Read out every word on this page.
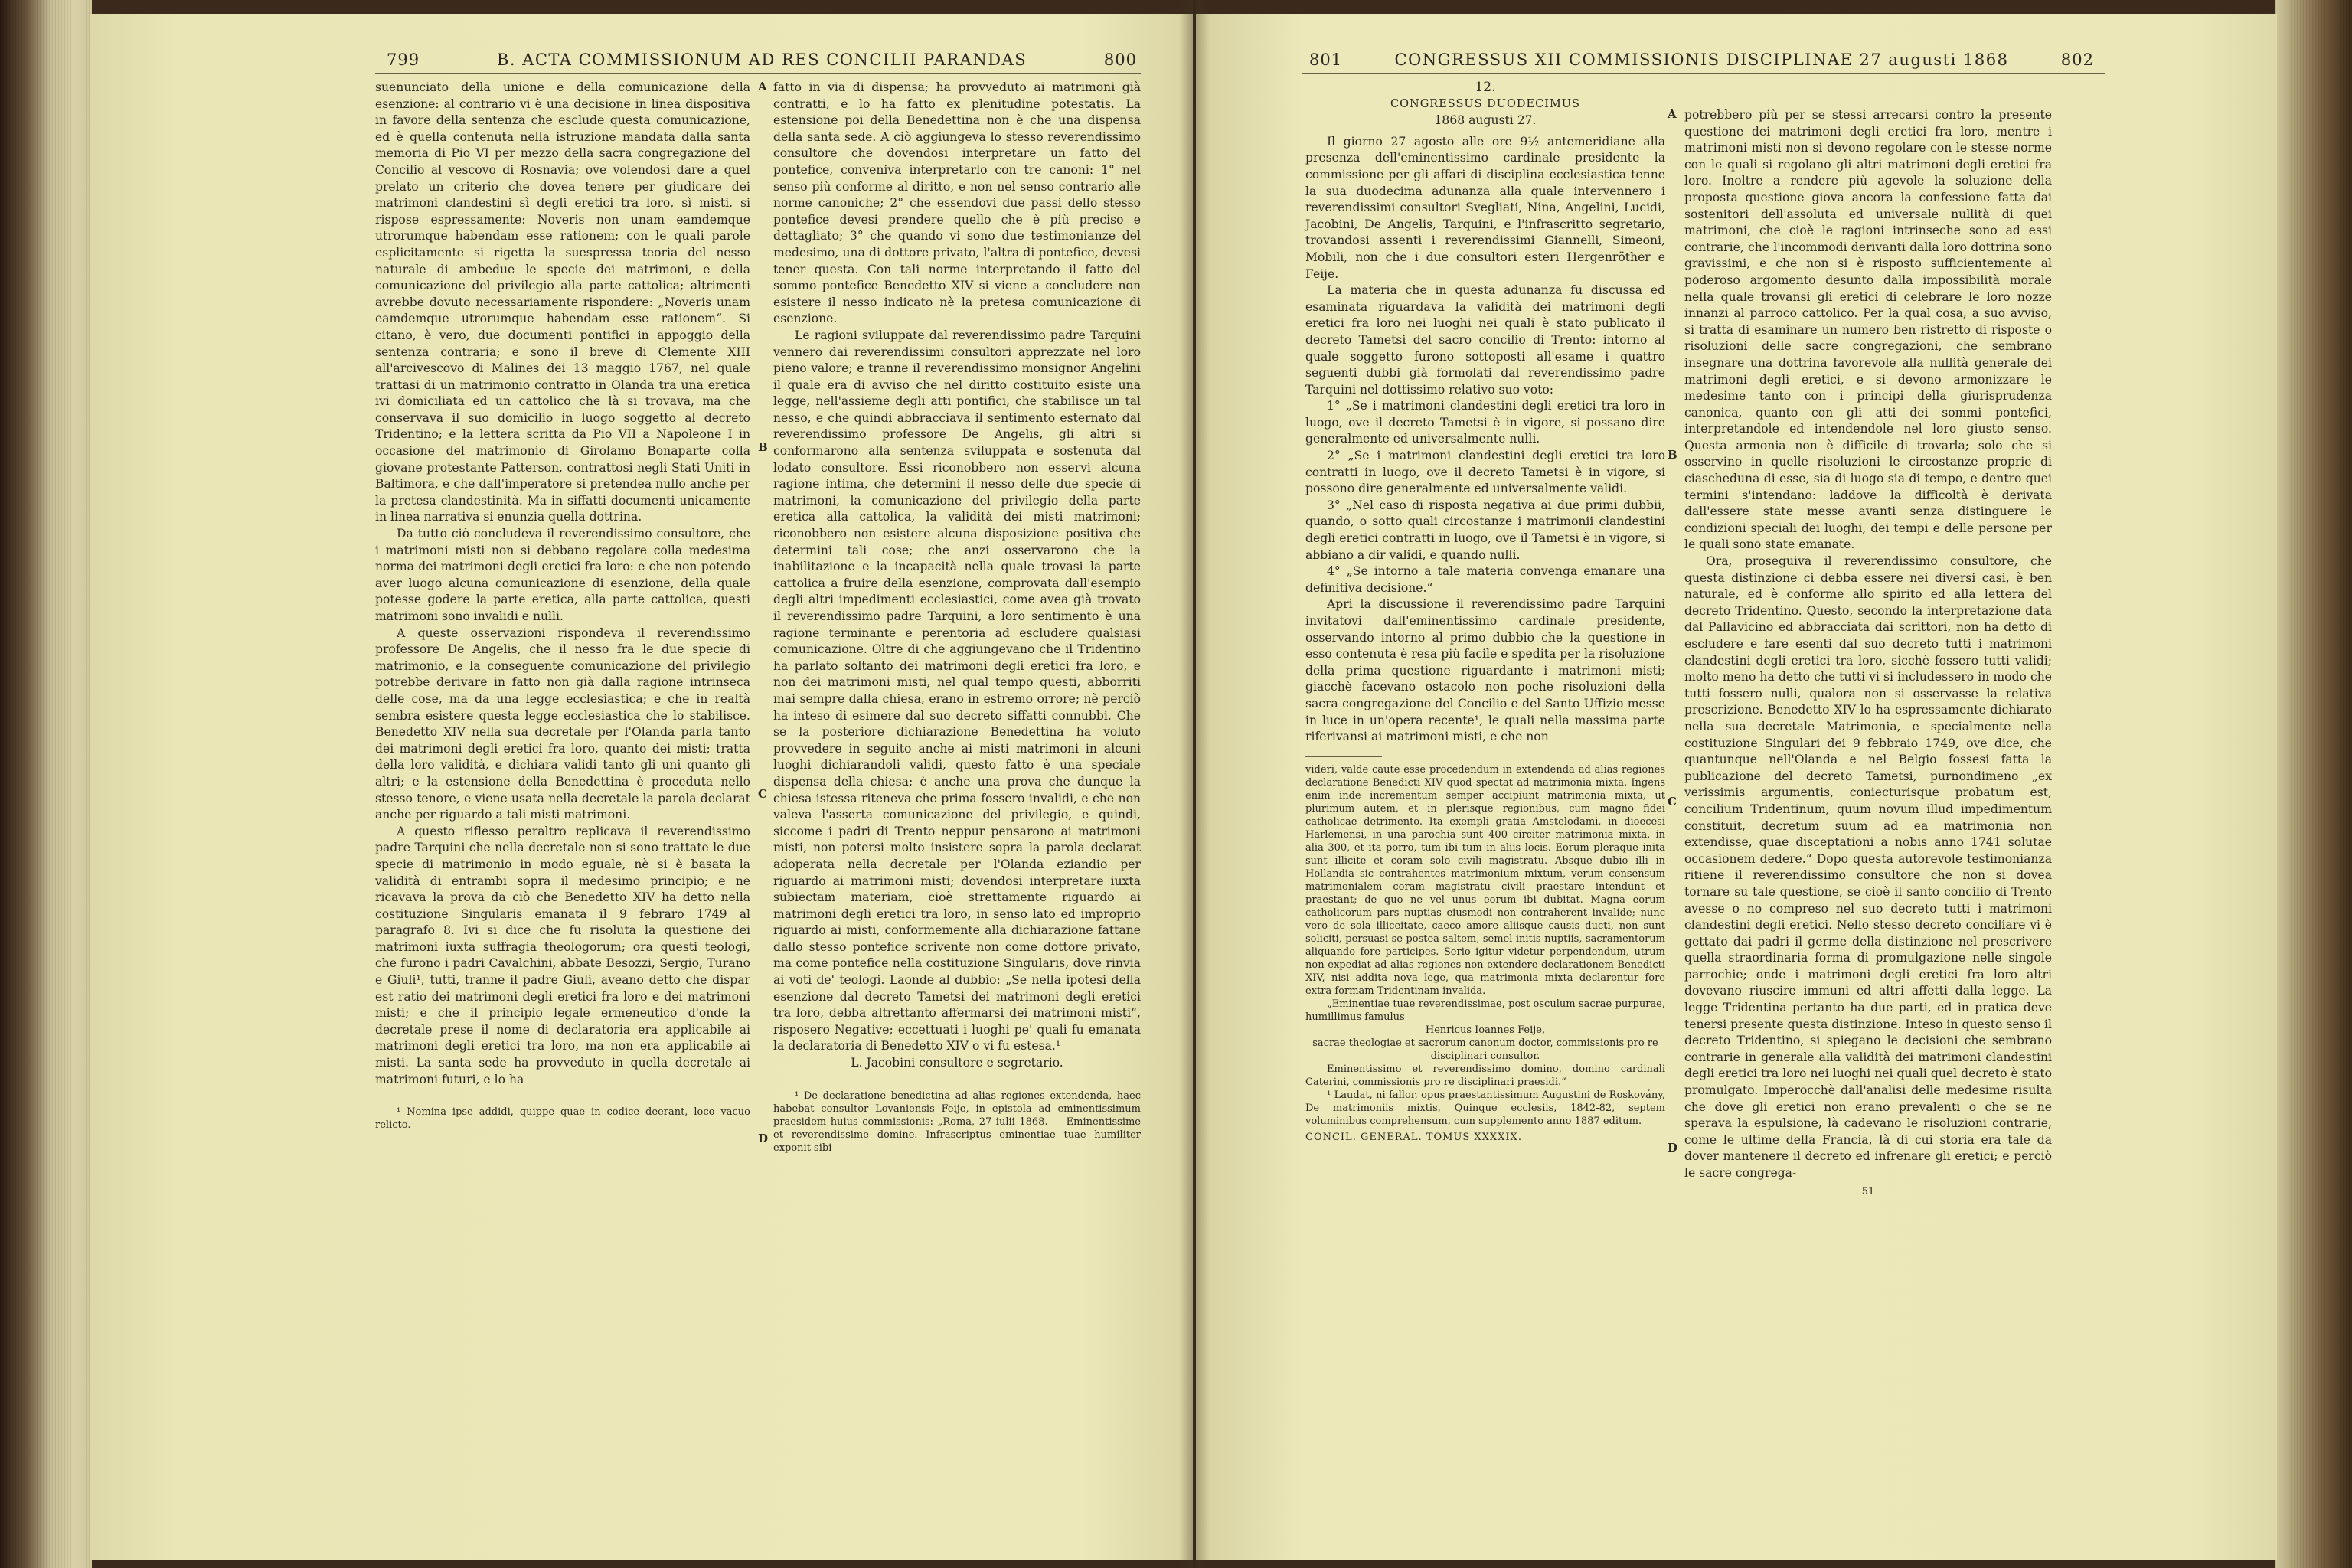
799	B. ACTA COMMISSIONUM AD RES CONCILII PARANDAS	800	801	CONGRESSUS XII COMMISSIONIS DISCIPLINAE 27 augusti 1868	802

suenunciato della unione e della comunicazione della esenzione: al contrario vi è una decisione in linea dispositiva in favore della sentenza che esclude questa comunicazione, ed è quella contenuta nella istruzione mandata dalla santa memoria di Pio VI per mezzo della sacra congregazione del Concilio al vescovo di Rosnavia; ove volendosi dare a quel prelato un criterio che dovea tenere per giudicare dei matrimoni clandestini sì degli eretici tra loro, sì misti, si rispose espressamente: Noveris non unam eamdemque utrorumque habendam esse rationem; con le quali parole esplicitamente si rigetta la suespressa teoria del nesso naturale di ambedue le specie dei matrimoni, e della comunicazione del privilegio alla parte cattolica; altrimenti avrebbe dovuto necessariamente rispondere: „Noveris unam eamdemque utrorumque habendam esse rationem“. Si citano, è vero, due documenti pontifici in appoggio della sentenza contraria; e sono il breve di Clemente XIII all'arcivescovo di Malines dei 13 maggio 1767, nel quale trattasi di un matrimonio contratto in Olanda tra una eretica ivi domiciliata ed un cattolico che là si trovava, ma che conservava il suo domicilio in luogo soggetto al decreto Tridentino; e la lettera scritta da Pio VII a Napoleone I in occasione del matrimonio di Girolamo Bonaparte colla giovane protestante Patterson, contrattosi negli Stati Uniti in Baltimora, e che dall'imperatore si pretendea nullo anche per la pretesa clandestinità. Ma in siffatti documenti unicamente in linea narrativa si enunzia quella dottrina.

Da tutto ciò concludeva il reverendissimo consultore, che i matrimoni misti non si debbano regolare colla medesima norma dei matrimoni degli eretici fra loro: e che non potendo aver luogo alcuna comunicazione di esenzione, della quale potesse godere la parte eretica, alla parte cattolica, questi matrimoni sono invalidi e nulli.

A queste osservazioni rispondeva il reverendissimo professore De Angelis, che il nesso fra le due specie di matrimonio, e la conseguente comunicazione del privilegio potrebbe derivare in fatto non già dalla ragione intrinseca delle cose, ma da una legge ecclesiastica; e che in realtà sembra esistere questa legge ecclesiastica che lo stabilisce. Benedetto XIV nella sua decretale per l'Olanda parla tanto dei matrimoni degli eretici fra loro, quanto dei misti; tratta della loro validità, e dichiara validi tanto gli uni quanto gli altri; e la estensione della Benedettina è proceduta nello stesso tenore, e viene usata nella decretale la parola declarat anche per riguardo a tali misti matrimoni.

A questo riflesso peraltro replicava il reverendissimo padre Tarquini che nella decretale non si sono trattate le due specie di matrimonio in modo eguale, nè si è basata la validità di entrambi sopra il medesimo principio; e ne ricavava la prova da ciò che Benedetto XIV ha detto nella costituzione Singularis emanata il 9 febraro 1749 al paragrafo 8. Ivi si dice che fu risoluta la questione dei matrimoni iuxta suffragia theologorum; ora questi teologi, che furono i padri Cavalchini, abbate Besozzi, Sergio, Turano e Giuli¹, tutti, tranne il padre Giuli, aveano detto che dispar est ratio dei matrimoni degli eretici fra loro e dei matrimoni misti; e che il principio legale ermeneutico d'onde la decretale prese il nome di declaratoria era applicabile ai matrimoni degli eretici tra loro, ma non era applicabile ai misti. La santa sede ha provveduto in quella decretale ai matrimoni futuri, e lo ha

¹ Nomina ipse addidi, quippe quae in codice deerant, loco vacuo relicto.

A
B
C
D

fatto in via di dispensa; ha provveduto ai matrimoni già contratti, e lo ha fatto ex plenitudine potestatis. La estensione poi della Benedettina non è che una dispensa della santa sede. A ciò aggiungeva lo stesso reverendissimo consultore che dovendosi interpretare un fatto del pontefice, conveniva interpretarlo con tre canoni: 1° nel senso più conforme al diritto, e non nel senso contrario alle norme canoniche; 2° che essendovi due passi dello stesso pontefice devesi prendere quello che è più preciso e dettagliato; 3° che quando vi sono due testimonianze del medesimo, una di dottore privato, l'altra di pontefice, devesi tener questa. Con tali norme interpretando il fatto del sommo pontefice Benedetto XIV si viene a concludere non esistere il nesso indicato nè la pretesa comunicazione di esenzione.

Le ragioni sviluppate dal reverendissimo padre Tarquini vennero dai reverendissimi consultori apprezzate nel loro pieno valore; e tranne il reverendissimo monsignor Angelini il quale era di avviso che nel diritto costituito esiste una legge, nell'assieme degli atti pontifici, che stabilisce un tal nesso, e che quindi abbracciava il sentimento esternato dal reverendissimo professore De Angelis, gli altri si conformarono alla sentenza sviluppata e sostenuta dal lodato consultore. Essi riconobbero non esservi alcuna ragione intima, che determini il nesso delle due specie di matrimoni, la comunicazione del privilegio della parte eretica alla cattolica, la validità dei misti matrimoni; riconobbero non esistere alcuna disposizione positiva che determini tali cose; che anzi osservarono che la inabilitazione e la incapacità nella quale trovasi la parte cattolica a fruire della esenzione, comprovata dall'esempio degli altri impedimenti ecclesiastici, come avea già trovato il reverendissimo padre Tarquini, a loro sentimento è una ragione terminante e perentoria ad escludere qualsiasi comunicazione. Oltre di che aggiungevano che il Tridentino ha parlato soltanto dei matrimoni degli eretici fra loro, e non dei matrimoni misti, nel qual tempo questi, abborriti mai sempre dalla chiesa, erano in estremo orrore; nè perciò ha inteso di esimere dal suo decreto siffatti connubbi. Che se la posteriore dichiarazione Benedettina ha voluto provvedere in seguito anche ai misti matrimoni in alcuni luoghi dichiarandoli validi, questo fatto è una speciale dispensa della chiesa; è anche una prova che dunque la chiesa istessa riteneva che prima fossero invalidi, e che non valeva l'asserta comunicazione del privilegio, e quindi, siccome i padri di Trento neppur pensarono ai matrimoni misti, non potersi molto insistere sopra la parola declarat adoperata nella decretale per l'Olanda eziandio per riguardo ai matrimoni misti; dovendosi interpretare iuxta subiectam materiam, cioè strettamente riguardo ai matrimoni degli eretici tra loro, in senso lato ed improprio riguardo ai misti, conformemente alla dichiarazione fattane dallo stesso pontefice scrivente non come dottore privato, ma come pontefice nella costituzione Singularis, dove rinvia ai voti de' teologi. Laonde al dubbio: „Se nella ipotesi della esenzione dal decreto Tametsi dei matrimoni degli eretici tra loro, debba altrettanto affermarsi dei matrimoni misti“, risposero Negative; eccettuati i luoghi pe' quali fu emanata la declaratoria di Benedetto XIV o vi fu estesa.¹

L. Jacobini consultore e segretario.

¹ De declaratione benedictina ad alias regiones extendenda, haec habebat consultor Lovaniensis Feije, in epistola ad eminentissimum praesidem huius commissionis: „Roma, 27 iulii 1868. — Eminentissime et reverendissime domine. Infrascriptus eminentiae tuae humiliter exponit sibi

12.

CONGRESSUS DUODECIMUS

1868 augusti 27.

Il giorno 27 agosto alle ore 9½ antemeridiane alla presenza dell'eminentissimo cardinale presidente la commissione per gli affari di disciplina ecclesiastica tenne la sua duodecima adunanza alla quale intervennero i reverendissimi consultori Svegliati, Nina, Angelini, Lucidi, Jacobini, De Angelis, Tarquini, e l'infrascritto segretario, trovandosi assenti i reverendissimi Giannelli, Simeoni, Mobili, non che i due consultori esteri Hergenröther e Feije.

La materia che in questa adunanza fu discussa ed esaminata riguardava la validità dei matrimoni degli eretici fra loro nei luoghi nei quali è stato publicato il decreto Tametsi del sacro concilio di Trento: intorno al quale soggetto furono sottoposti all'esame i quattro seguenti dubbi già formolati dal reverendissimo padre Tarquini nel dottissimo relativo suo voto:

1° „Se i matrimoni clandestini degli eretici tra loro in luogo, ove il decreto Tametsi è in vigore, si possano dire generalmente ed universalmente nulli.

2° „Se i matrimoni clandestini degli eretici tra loro contratti in luogo, ove il decreto Tametsi è in vigore, si possono dire generalmente ed universalmente validi.

3° „Nel caso di risposta negativa ai due primi dubbii, quando, o sotto quali circostanze i matrimonii clandestini degli eretici contratti in luogo, ove il Tametsi è in vigore, si abbiano a dir validi, e quando nulli.

4° „Se intorno a tale materia convenga emanare una definitiva decisione.“

Apri la discussione il reverendissimo padre Tarquini invitatovi dall'eminentissimo cardinale presidente, osservando intorno al primo dubbio che la questione in esso contenuta è resa più facile e spedita per la risoluzione della prima questione riguardante i matrimoni misti; giacchè facevano ostacolo non poche risoluzioni della sacra congregazione del Concilio e del Santo Uffizio messe in luce in un'opera recente¹, le quali nella massima parte riferivansi ai matrimoni misti, e che non

videri, valde caute esse procedendum in extendenda ad alias regiones declaratione Benedicti XIV quod spectat ad matrimonia mixta. Ingens enim inde incrementum semper accipiunt matrimonia mixta, ut plurimum autem, et in plerisque regionibus, cum magno fidei catholicae detrimento. Ita exempli gratia Amstelodami, in dioecesi Harlemensi, in una parochia sunt 400 circiter matrimonia mixta, in alia 300, et ita porro, tum ibi tum in aliis locis. Eorum pleraque inita sunt illicite et coram solo civili magistratu. Absque dubio illi in Hollandia sic contrahentes matrimonium mixtum, verum consensum matrimonialem coram magistratu civili praestare intendunt et praestant; de quo ne vel unus eorum ibi dubitat. Magna eorum catholicorum pars nuptias eiusmodi non contraherent invalide; nunc vero de sola illiceitate, caeco amore aliisque causis ducti, non sunt soliciti, persuasi se postea saltem, semel initis nuptiis, sacramentorum aliquando fore participes. Serio igitur videtur perpendendum, utrum non expediat ad alias regiones non extendere declarationem Benedicti XIV, nisi addita nova lege, qua matrimonia mixta declarentur fore extra formam Tridentinam invalida.

„Eminentiae tuae reverendissimae, post osculum sacrae purpurae, humillimus famulus

Henricus Ioannes Feije,

sacrae theologiae et sacrorum canonum doctor, commissionis pro re disciplinari consultor.

Eminentissimo et reverendissimo domino, domino cardinali Caterini, commissionis pro re disciplinari praesidi.“

¹ Laudat, ni fallor, opus praestantissimum Augustini de Roskovány, De matrimoniis mixtis, Quinque ecclesiis, 1842-82, septem voluminibus comprehensum, cum supplemento anno 1887 editum.

CONCIL. GENERAL. TOMUS XXXXIX.

A
B
C
D

potrebbero più per se stessi arrecarsi contro la presente questione dei matrimoni degli eretici fra loro, mentre i matrimoni misti non si devono regolare con le stesse norme con le quali si regolano gli altri matrimoni degli eretici fra loro. Inoltre a rendere più agevole la soluzione della proposta questione giova ancora la confessione fatta dai sostenitori dell'assoluta ed universale nullità di quei matrimoni, che cioè le ragioni intrinseche sono ad essi contrarie, che l'incommodi derivanti dalla loro dottrina sono gravissimi, e che non si è risposto sufficientemente al poderoso argomento desunto dalla impossibilità morale nella quale trovansi gli eretici di celebrare le loro nozze innanzi al parroco cattolico. Per la qual cosa, a suo avviso, si tratta di esaminare un numero ben ristretto di risposte o risoluzioni delle sacre congregazioni, che sembrano insegnare una dottrina favorevole alla nullità generale dei matrimoni degli eretici, e si devono armonizzare le medesime tanto con i principi della giurisprudenza canonica, quanto con gli atti dei sommi pontefici, interpretandole ed intendendole nel loro giusto senso. Questa armonia non è difficile di trovarla; solo che si osservino in quelle risoluzioni le circostanze proprie di ciascheduna di esse, sia di luogo sia di tempo, e dentro quei termini s'intendano: laddove la difficoltà è derivata dall'essere state messe avanti senza distinguere le condizioni speciali dei luoghi, dei tempi e delle persone per le quali sono state emanate.

Ora, proseguiva il reverendissimo consultore, che questa distinzione ci debba essere nei diversi casi, è ben naturale, ed è conforme allo spirito ed alla lettera del decreto Tridentino. Questo, secondo la interpretazione data dal Pallavicino ed abbracciata dai scrittori, non ha detto di escludere e fare esenti dal suo decreto tutti i matrimoni clandestini degli eretici tra loro, sicchè fossero tutti validi; molto meno ha detto che tutti vi si includessero in modo che tutti fossero nulli, qualora non si osservasse la relativa prescrizione. Benedetto XIV lo ha espressamente dichiarato nella sua decretale Matrimonia, e specialmente nella costituzione Singulari dei 9 febbraio 1749, ove dice, che quantunque nell'Olanda e nel Belgio fossesi fatta la publicazione del decreto Tametsi, purnondimeno „ex verissimis argumentis, coniecturisque probatum est, concilium Tridentinum, quum novum illud impedimentum constituit, decretum suum ad ea matrimonia non extendisse, quae disceptationi a nobis anno 1741 solutae occasionem dedere.“ Dopo questa autorevole testimonianza ritiene il reverendissimo consultore che non si dovea tornare su tale questione, se cioè il santo concilio di Trento avesse o no compreso nel suo decreto tutti i matrimoni clandestini degli eretici. Nello stesso decreto conciliare vi è gettato dai padri il germe della distinzione nel prescrivere quella straordinaria forma di promulgazione nelle singole parrochie; onde i matrimoni degli eretici fra loro altri dovevano riuscire immuni ed altri affetti dalla legge. La legge Tridentina pertanto ha due parti, ed in pratica deve tenersi presente questa distinzione. Inteso in questo senso il decreto Tridentino, si spiegano le decisioni che sembrano contrarie in generale alla validità dei matrimoni clandestini degli eretici tra loro nei luoghi nei quali quel decreto è stato promulgato. Imperocchè dall'analisi delle medesime risulta che dove gli eretici non erano prevalenti o che se ne sperava la espulsione, là cadevano le risoluzioni contrarie, come le ultime della Francia, là di cui storia era tale da dover mantenere il decreto ed infrenare gli eretici; e perciò le sacre congrega-

51
